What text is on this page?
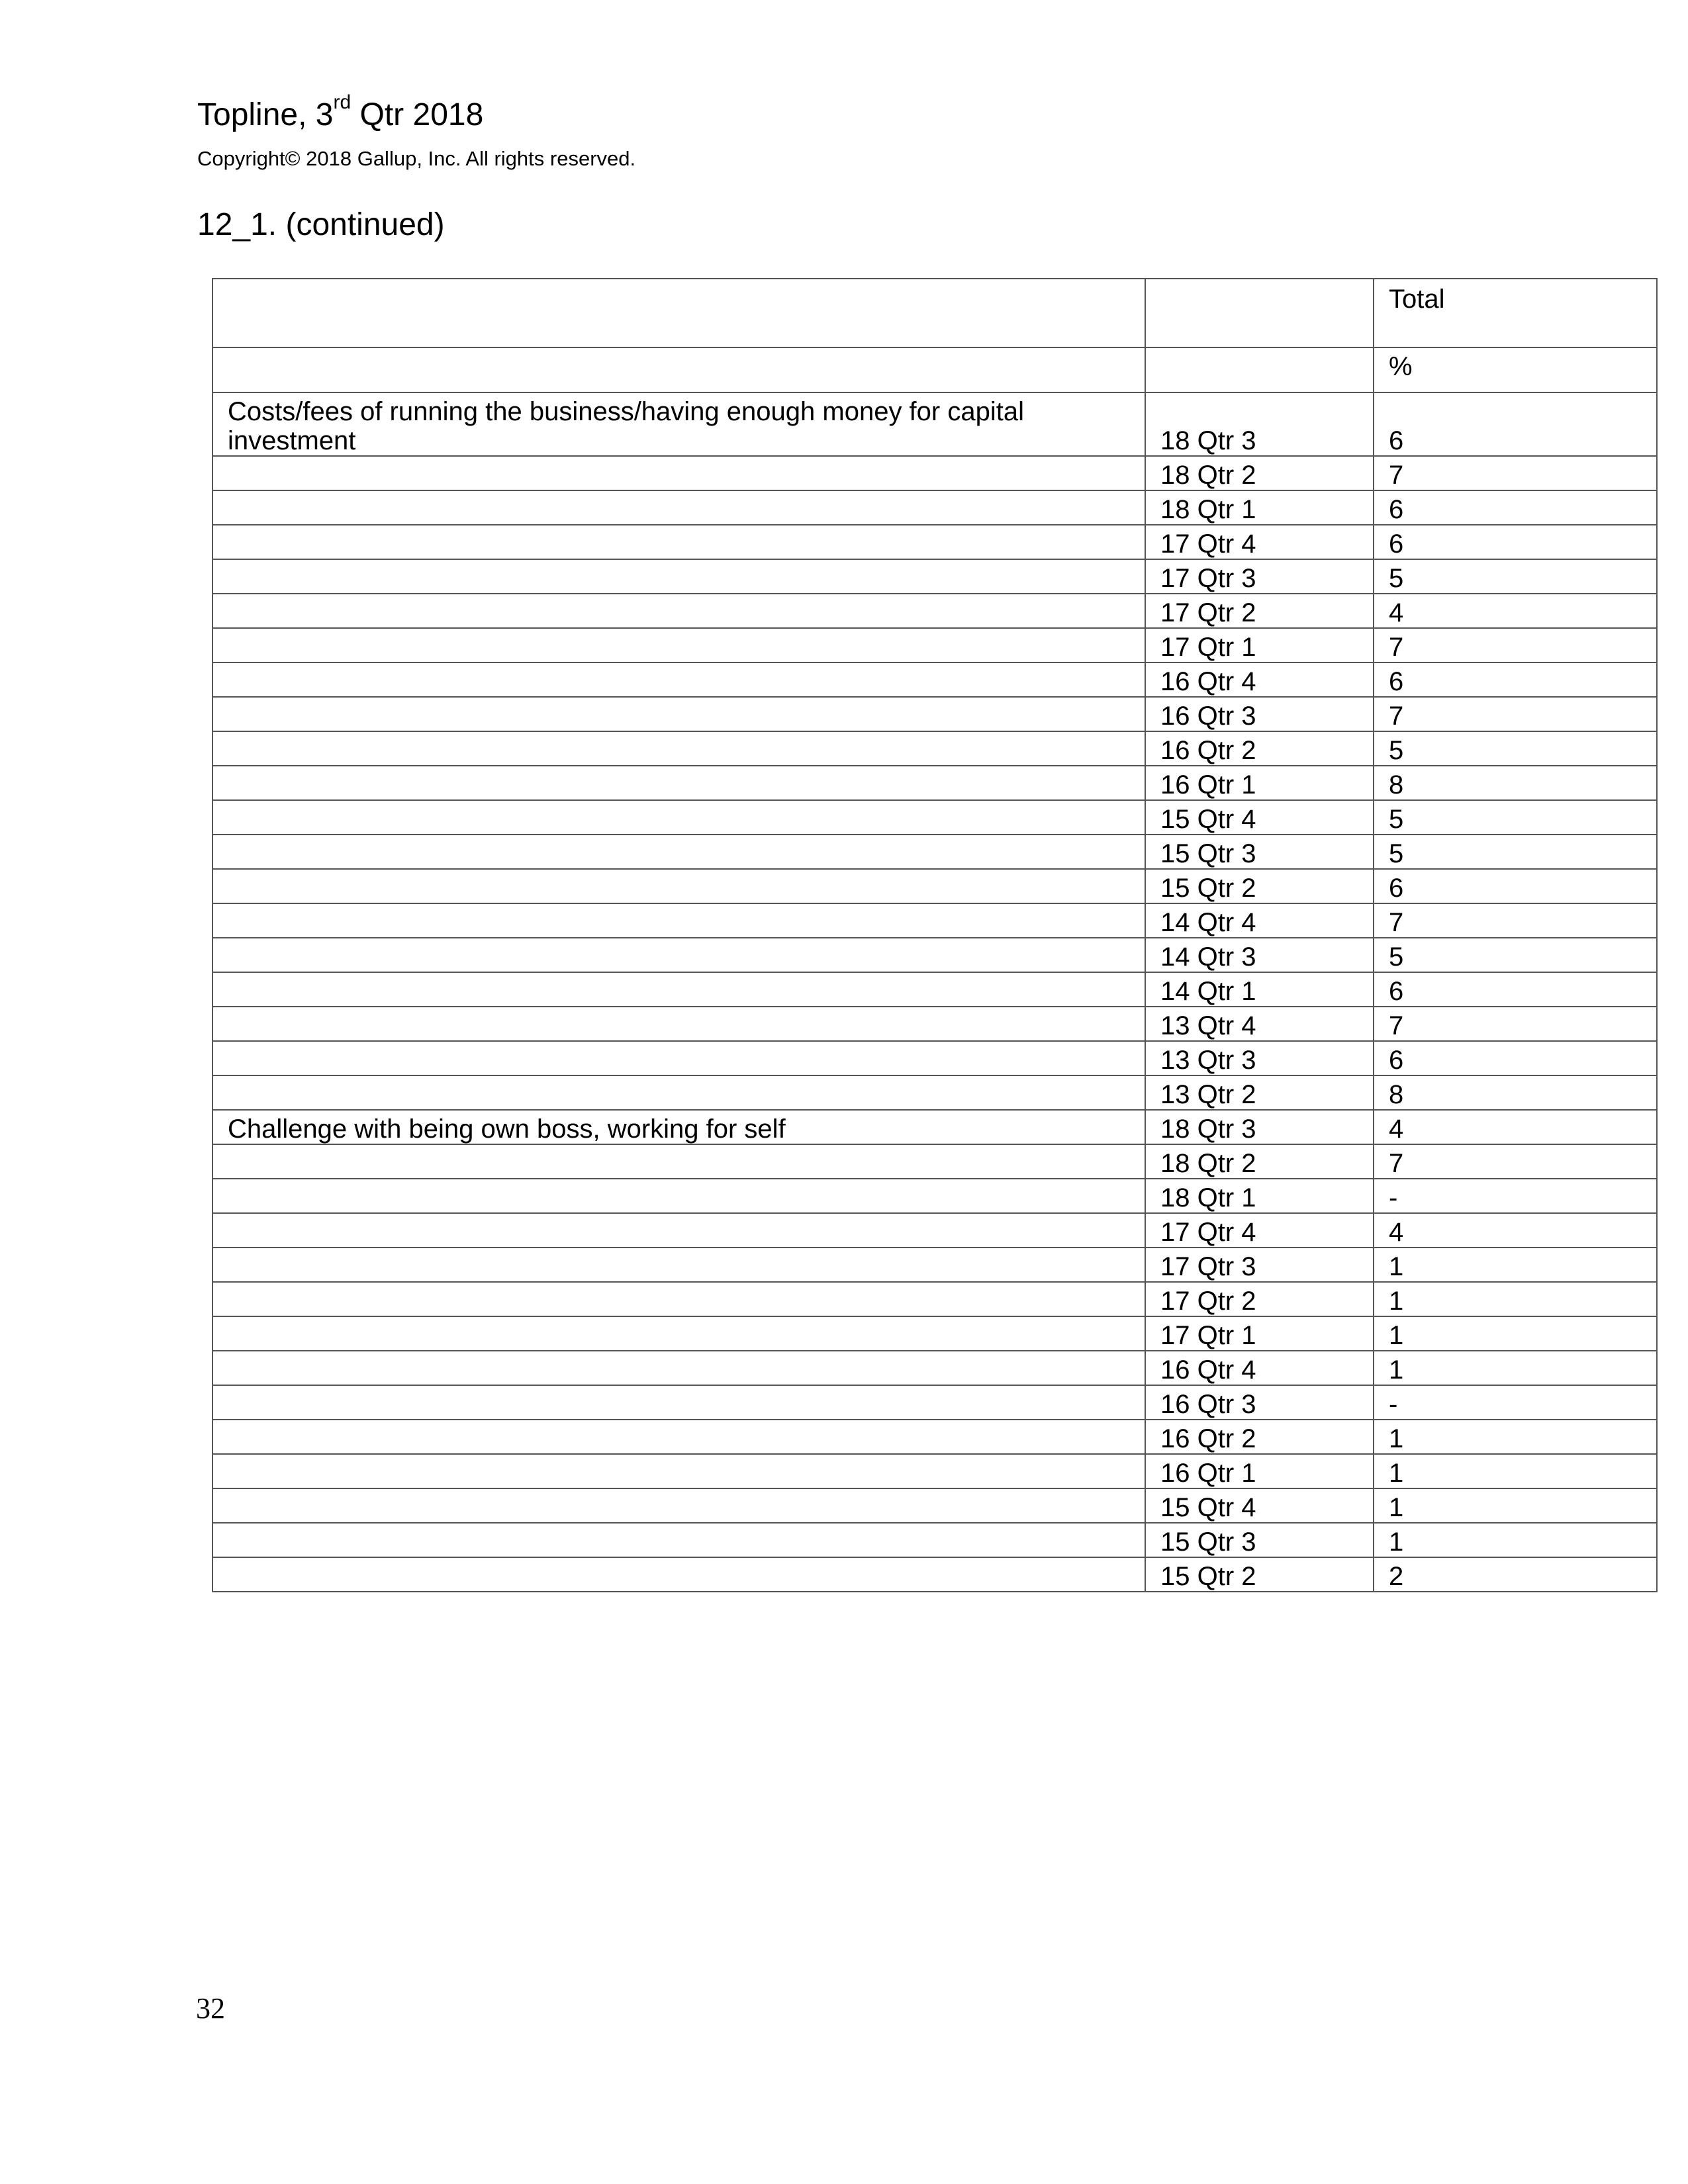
Topline, 3rd Qtr 2018
Copyright© 2018 Gallup, Inc. All rights reserved.
12_1. (continued)
		Total
		%
Costs/fees of running the business/having enough money for capital investment	18 Qtr 3	6
	18 Qtr 2	7
	18 Qtr 1	6
	17 Qtr 4	6
	17 Qtr 3	5
	17 Qtr 2	4
	17 Qtr 1	7
	16 Qtr 4	6
	16 Qtr 3	7
	16 Qtr 2	5
	16 Qtr 1	8
	15 Qtr 4	5
	15 Qtr 3	5
	15 Qtr 2	6
	14 Qtr 4	7
	14 Qtr 3	5
	14 Qtr 1	6
	13 Qtr 4	7
	13 Qtr 3	6
	13 Qtr 2	8
Challenge with being own boss, working for self	18 Qtr 3	4
	18 Qtr 2	7
	18 Qtr 1	-
	17 Qtr 4	4
	17 Qtr 3	1
	17 Qtr 2	1
	17 Qtr 1	1
	16 Qtr 4	1
	16 Qtr 3	-
	16 Qtr 2	1
	16 Qtr 1	1
	15 Qtr 4	1
	15 Qtr 3	1
	15 Qtr 2	2
32
